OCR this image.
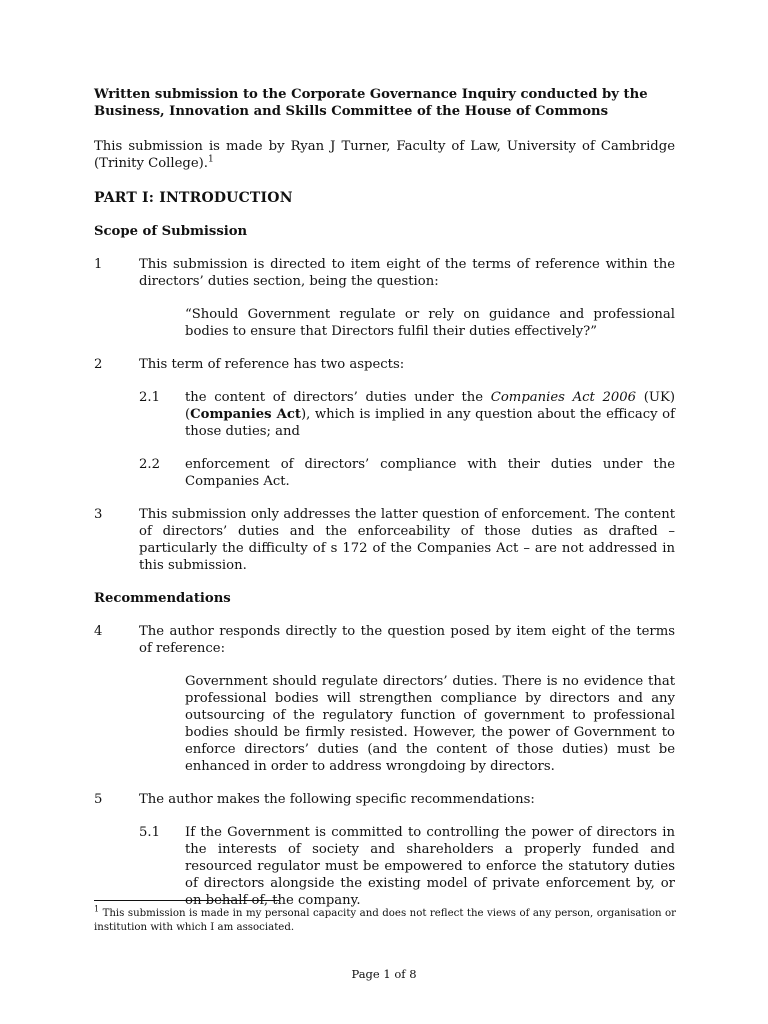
Written submission to the Corporate Governance Inquiry conducted by the Business, Innovation and Skills Committee of the House of Commons

This submission is made by Ryan J Turner, Faculty of Law, University of Cambridge (Trinity College).$^1$

PART I: INTRODUCTION

Scope of Submission

1	This submission is directed to item eight of the terms of reference within the directors’ duties section, being the question:

“Should Government regulate or rely on guidance and professional bodies to ensure that Directors fulfil their duties effectively?”

2	This term of reference has two aspects:
2.1	the content of directors’ duties under the Companies Act 2006 (UK) (Companies Act), which is implied in any question about the efficacy of those duties; and
2.2	enforcement of directors’ compliance with their duties under the Companies Act.
3	This submission only addresses the latter question of enforcement. The content of directors’ duties and the enforceability of those duties as drafted – particularly the difficulty of s 172 of the Companies Act – are not addressed in this submission.

Recommendations

4	The author responds directly to the question posed by item eight of the terms of reference:

Government should regulate directors’ duties. There is no evidence that professional bodies will strengthen compliance by directors and any outsourcing of the regulatory function of government to professional bodies should be firmly resisted. However, the power of Government to enforce directors’ duties (and the content of those duties) must be enhanced in order to address wrongdoing by directors.

5	The author makes the following specific recommendations:
5.1	If the Government is committed to controlling the power of directors in the interests of society and shareholders a properly funded and resourced regulator must be empowered to enforce the statutory duties of directors alongside the existing model of private enforcement by, or on behalf of, the company.
$^1$ This submission is made in my personal capacity and does not reflect the views of any person, organisation or institution with which I am associated.
Page 1 of 8
